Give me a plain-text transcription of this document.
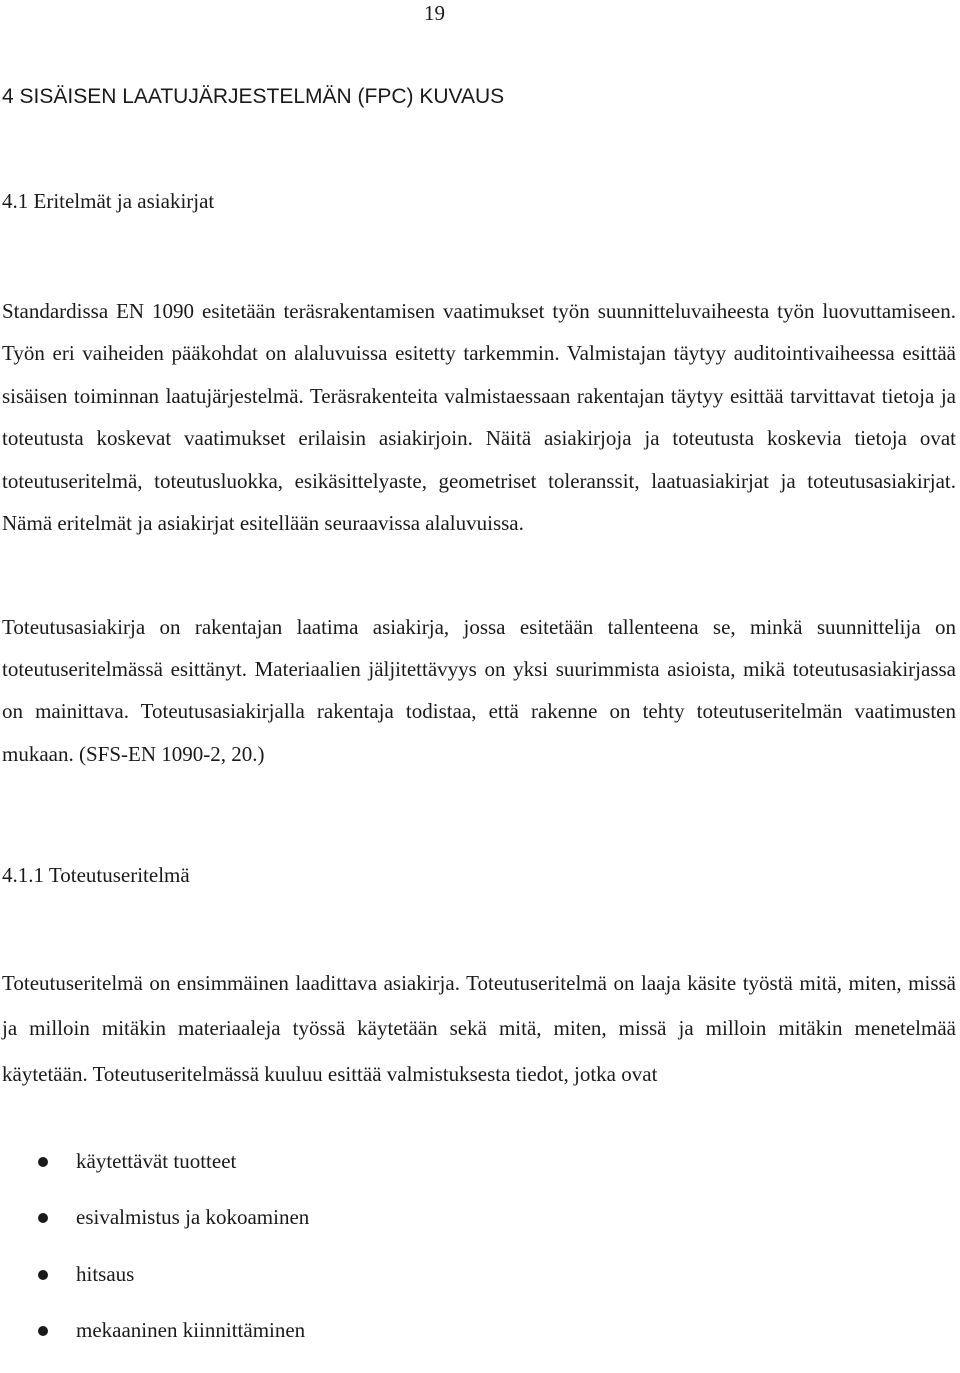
19
4 SISÄISEN LAATUJÄRJESTELMÄN (FPC) KUVAUS
4.1 Eritelmät ja asiakirjat

Standardissa EN 1090 esitetään teräsrakentamisen vaatimukset työn suunnitteluvaiheesta työn luovuttamiseen. Työn eri vaiheiden pääkohdat on alaluvuissa esitetty tarkemmin. Valmistajan täytyy auditointivaiheessa esittää sisäisen toiminnan laatujärjestelmä. Teräsrakenteita valmistaessaan rakentajan täytyy esittää tarvittavat tietoja ja toteutusta koskevat vaatimukset erilaisin asiakirjoin. Näitä asiakirjoja ja toteutusta koskevia tietoja ovat toteutuseritelmä, toteutusluokka, esikäsittelyaste, geometriset toleranssit, laatuasiakirjat ja toteutusasiakirjat. Nämä eritelmät ja asiakirjat esitellään seuraavissa alaluvuissa.

Toteutusasiakirja on rakentajan laatima asiakirja, jossa esitetään tallenteena se, minkä suunnittelija on toteutuseritelmässä esittänyt. Materiaalien jäljitettävyys on yksi suurimmista asioista, mikä toteutusasiakirjassa on mainittava. Toteutusasiakirjalla rakentaja todistaa, että rakenne on tehty toteutuseritelmän vaatimusten mukaan. (SFS-EN 1090-2, 20.)

4.1.1 Toteutuseritelmä

Toteutuseritelmä on ensimmäinen laadittava asiakirja. Toteutuseritelmä on laaja käsite työstä mitä, miten, missä ja milloin mitäkin materiaaleja työssä käytetään sekä mitä, miten, missä ja milloin mitäkin menetelmää käytetään. Toteutuseritelmässä kuuluu esittää valmistuksesta tiedot, jotka ovat

käytettävät tuotteet
esivalmistus ja kokoaminen
hitsaus
mekaaninen kiinnittäminen
